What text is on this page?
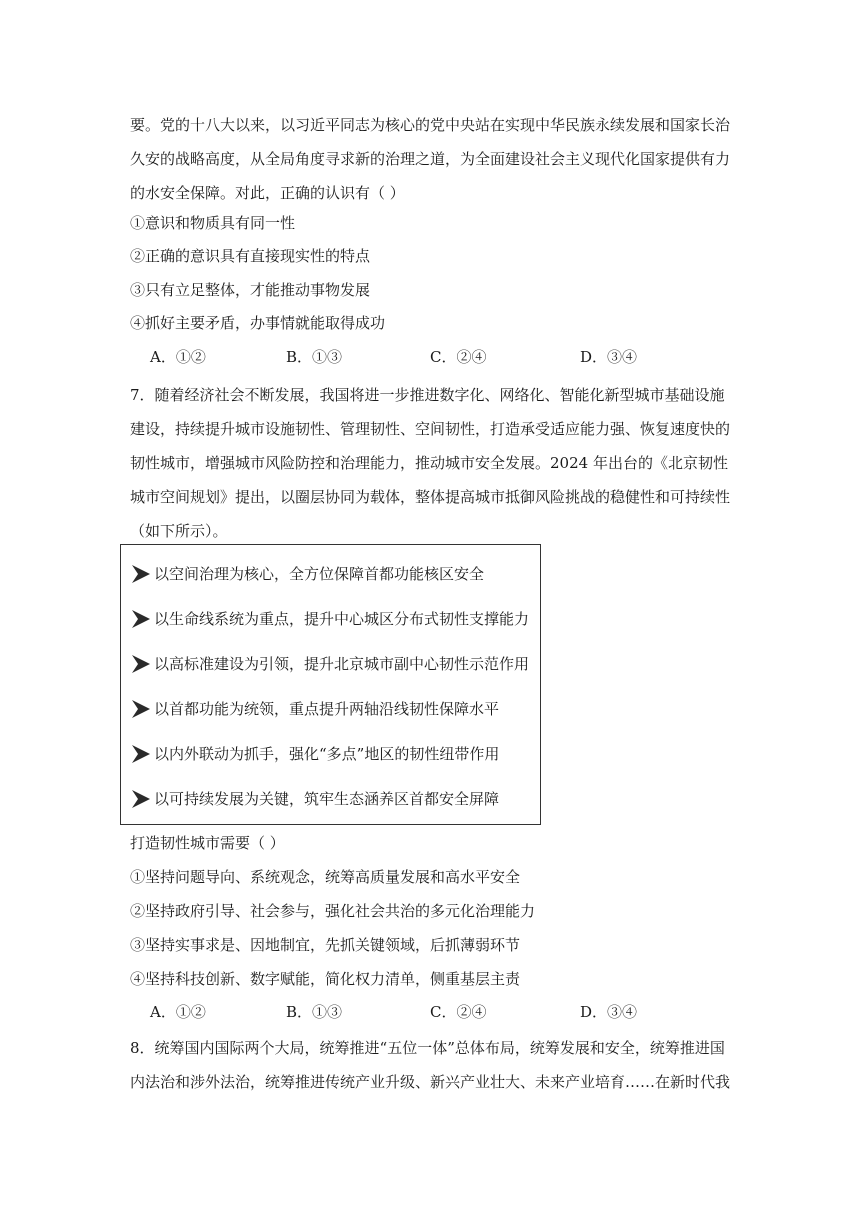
要。党的十八大以来，以习近平同志为核心的党中央站在实现中华民族永续发展和国家长治
久安的战略高度，从全局角度寻求新的治理之道，为全面建设社会主义现代化国家提供有力
的水安全保障。对此，正确的认识有（ ）
①意识和物质具有同一性
②正确的意识具有直接现实性的特点
③只有立足整体，才能推动事物发展
④抓好主要矛盾，办事情就能取得成功
A．①②	B．①③	C．②④	D．③④
7．随着经济社会不断发展，我国将进一步推进数字化、网络化、智能化新型城市基础设施
建设，持续提升城市设施韧性、管理韧性、空间韧性，打造承受适应能力强、恢复速度快的
韧性城市，增强城市风险防控和治理能力，推动城市安全发展。2024 年出台的《北京韧性
城市空间规划》提出，以圈层协同为载体，整体提高城市抵御风险挑战的稳健性和可持续性
（如下所示）。
以空间治理为核心，全方位保障首都功能核区安全
以生命线系统为重点，提升中心城区分布式韧性支撑能力
以高标准建设为引领，提升北京城市副中心韧性示范作用
以首都功能为统领，重点提升两轴沿线韧性保障水平
以内外联动为抓手，强化“多点”地区的韧性纽带作用
以可持续发展为关键，筑牢生态涵养区首都安全屏障
打造韧性城市需要（ ）
①坚持问题导向、系统观念，统筹高质量发展和高水平安全
②坚持政府引导、社会参与，强化社会共治的多元化治理能力
③坚持实事求是、因地制宜，先抓关键领域，后抓薄弱环节
④坚持科技创新、数字赋能，简化权力清单，侧重基层主责
A．①②	B．①③	C．②④	D．③④
8．统筹国内国际两个大局，统筹推进“五位一体”总体布局，统筹发展和安全，统筹推进国
内法治和涉外法治，统筹推进传统产业升级、新兴产业壮大、未来产业培育……在新时代我
